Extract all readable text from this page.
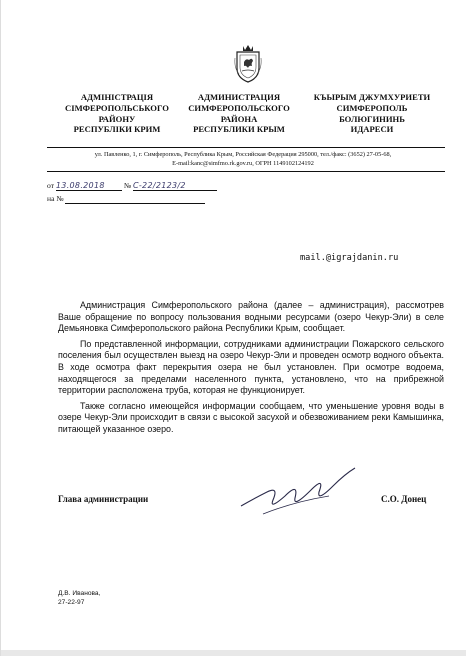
АДМІНІСТРАЦІЯ
СІМФЕРОПОЛЬСЬКОГО
РАЙОНУ
РЕСПУБЛІКИ КРИМ
АДМИНИСТРАЦИЯ
СИМФЕРОПОЛЬСКОГО
РАЙОНА
РЕСПУБЛИКИ КРЫМ
КЪЫРЫМ ДЖУМХУРИЕТИ
СИМФЕРОПОЛЬ
БОЛЮГИНИНЬ
ИДАРЕСИ
ул. Павленко, 1, г. Симферополь, Республика Крым, Российская Федерация 295000, тел./факс: (3652) 27-05-68,
E-mail:kanc@simfmo.rk.gov.ru, ОГРН 1149102124192
от 13.08.2018	№ С-22/2123/2
на №
mail.@igrajdanin.ru

Администрация Симферопольского района (далее – администрация), рассмотрев Ваше обращение по вопросу пользования водными ресурсами (озеро Чекур-Эли) в селе Демьяновка Симферопольского района Республики Крым, сообщает.

По представленной информации, сотрудниками администрации Пожарского сельского поселения был осуществлен выезд на озеро Чекур-Эли и проведен осмотр водного объекта. В ходе осмотра факт перекрытия озера не был установлен. При осмотре водоема, находящегося за пределами населенного пункта, установлено, что на прибрежной территории расположена труба, которая не функционирует.

Также согласно имеющейся информации сообщаем, что уменьшение уровня воды в озере Чекур-Эли происходит в связи с высокой засухой и обезвоживанием реки Камышинка, питающей указанное озеро.

Глава администрации	С.О. Донец
Д.В. Иванова,
27-22-97
